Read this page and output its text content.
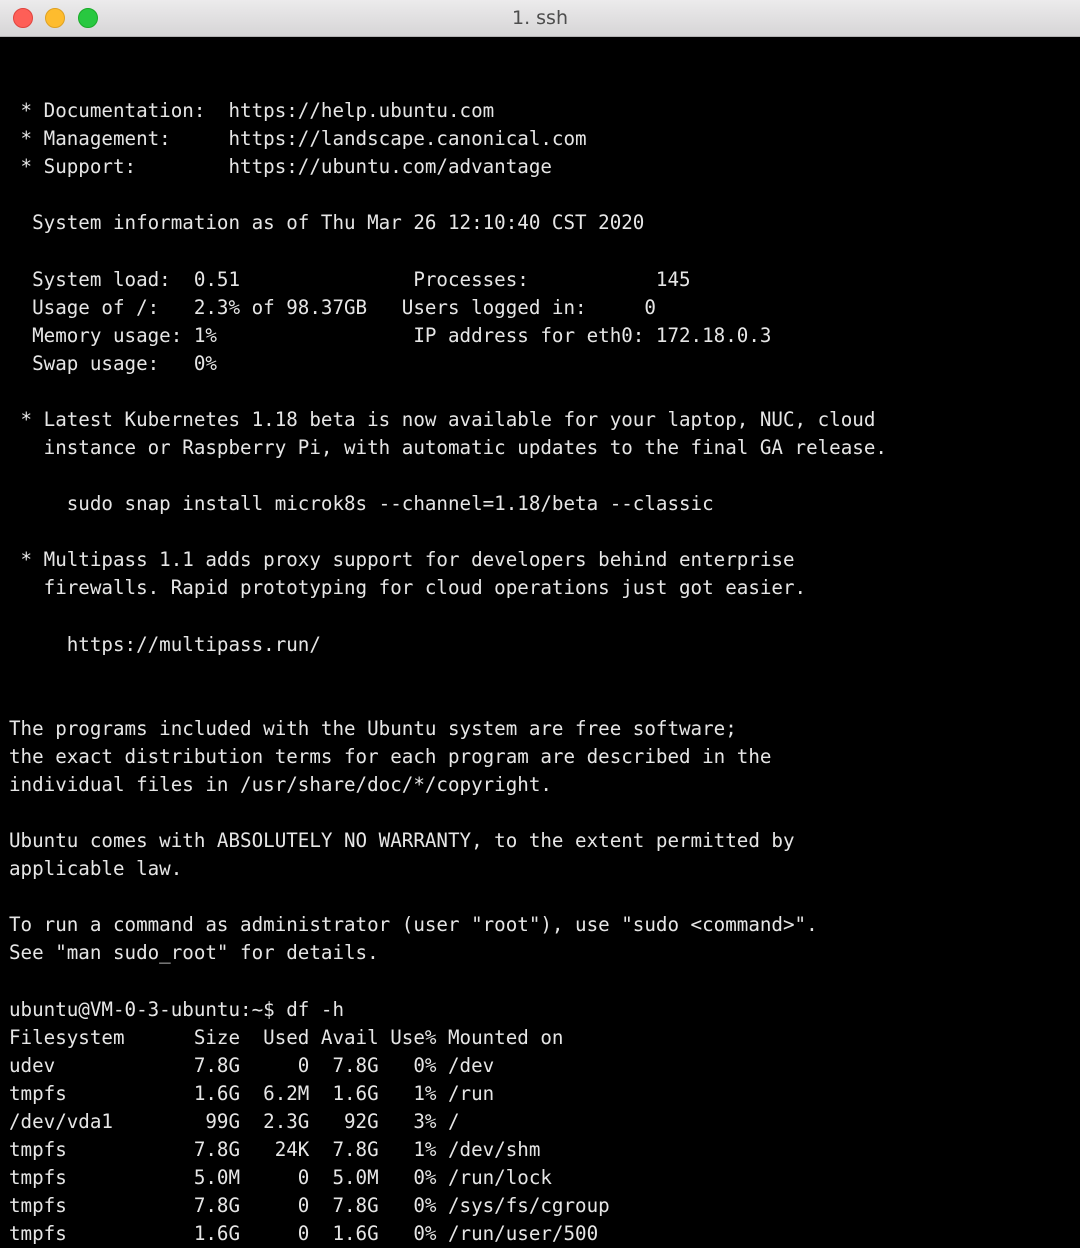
1. ssh
* Documentation:  https://help.ubuntu.com
* Management:     https://landscape.canonical.com
* Support:        https://ubuntu.com/advantage
System information as of Thu Mar 26 12:10:40 CST 2020
System load:  0.51               Processes:           145
Usage of /:   2.3% of 98.37GB   Users logged in:     0
Memory usage: 1%                 IP address for eth0: 172.18.0.3
Swap usage:   0%
* Latest Kubernetes 1.18 beta is now available for your laptop, NUC, cloud
instance or Raspberry Pi, with automatic updates to the final GA release.
sudo snap install microk8s --channel=1.18/beta --classic
* Multipass 1.1 adds proxy support for developers behind enterprise
firewalls. Rapid prototyping for cloud operations just got easier.
https://multipass.run/
The programs included with the Ubuntu system are free software;
the exact distribution terms for each program are described in the
individual files in /usr/share/doc/*/copyright.
Ubuntu comes with ABSOLUTELY NO WARRANTY, to the extent permitted by
applicable law.
To run a command as administrator (user "root"), use "sudo <command>".
See "man sudo_root" for details.
ubuntu@VM-0-3-ubuntu:~$ df -h
Filesystem      Size  Used Avail Use% Mounted on
udev            7.8G     0  7.8G   0% /dev
tmpfs           1.6G  6.2M  1.6G   1% /run
/dev/vda1        99G  2.3G   92G   3% /
tmpfs           7.8G   24K  7.8G   1% /dev/shm
tmpfs           5.0M     0  5.0M   0% /run/lock
tmpfs           7.8G     0  7.8G   0% /sys/fs/cgroup
tmpfs           1.6G     0  1.6G   0% /run/user/500
